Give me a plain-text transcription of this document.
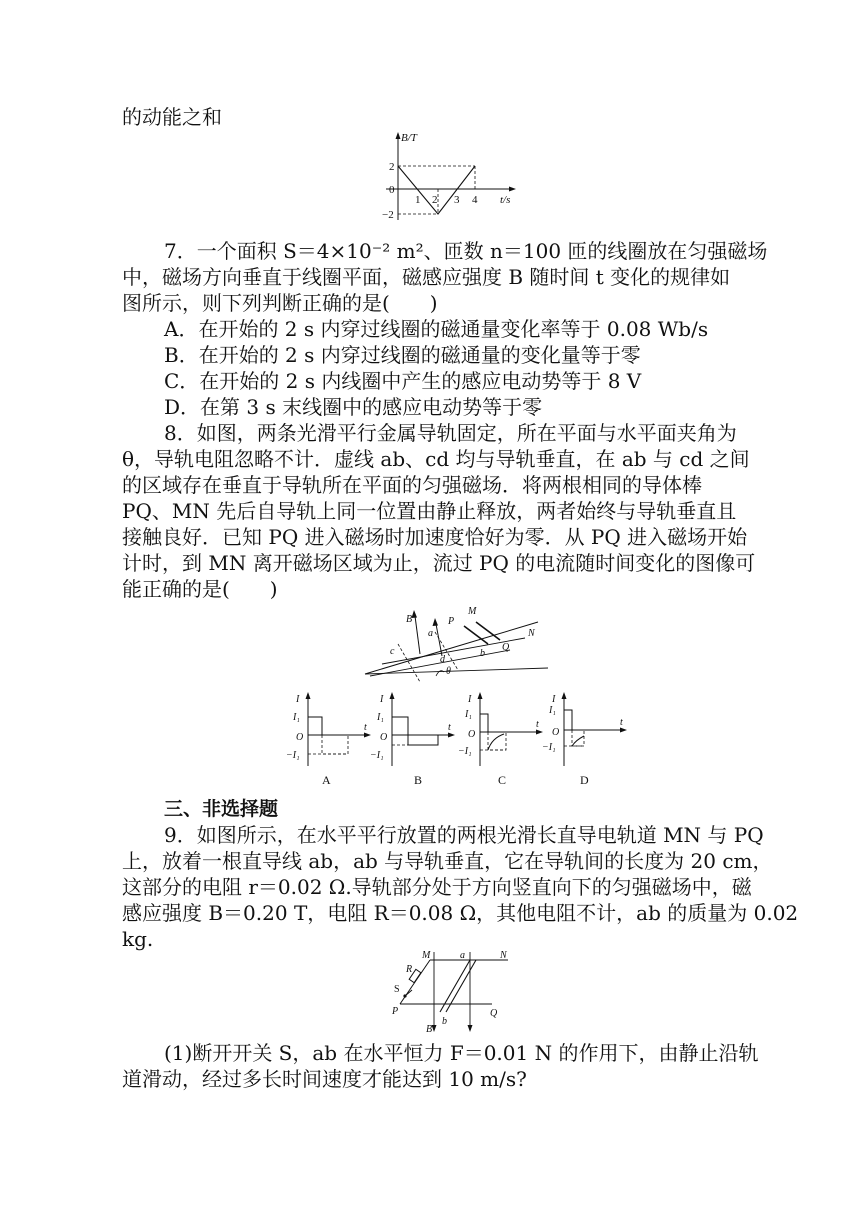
的动能之和
B/T
t/s
0
2
−2
1 2 3 4
7．一个面积 S＝4×10⁻² m²、匝数 n＝100 匝的线圈放在匀强磁场
中，磁场方向垂直于线圈平面，磁感应强度 B 随时间 t 变化的规律如
图所示，则下列判断正确的是(　　)
A．在开始的 2 s 内穿过线圈的磁通量变化率等于 0.08 Wb/s
B．在开始的 2 s 内穿过线圈的磁通量的变化量等于零
C．在开始的 2 s 内线圈中产生的感应电动势等于 8 V
D．在第 3 s 末线圈中的感应电动势等于零
8．如图，两条光滑平行金属导轨固定，所在平面与水平面夹角为
θ，导轨电阻忽略不计．虚线 ab、cd 均与导轨垂直，在 ab 与 cd 之间
的区域存在垂直于导轨所在平面的匀强磁场．将两根相同的导体棒
PQ、MN 先后自导轨上同一位置由静止释放，两者始终与导轨垂直且
接触良好．已知 PQ 进入磁场时加速度恰好为零．从 PQ 进入磁场开始
计时，到 MN 离开磁场区域为止，流过 PQ 的电流随时间变化的图像可
能正确的是(　　)
B
a
P
M
N
Q
c
d
b
θ
I
t
O
I₁
−I₁
A
I
t
O
I₁
−I₁
B
I
t
O
I₁
−I₁
C
I
t
O
I₁
−I₁
D
三、非选择题
9．如图所示，在水平平行放置的两根光滑长直导电轨道 MN 与 PQ
上，放着一根直导线 ab，ab 与导轨垂直，它在导轨间的长度为 20 cm，
这部分的电阻 r＝0.02 Ω.导轨部分处于方向竖直向下的匀强磁场中，磁
感应强度 B＝0.20 T，电阻 R＝0.08 Ω，其他电阻不计，ab 的质量为 0.02
kg.
M	a	N
R
S
P
B
b
Q
(1)断开开关 S，ab 在水平恒力 F＝0.01 N 的作用下，由静止沿轨
道滑动，经过多长时间速度才能达到 10 m/s?
